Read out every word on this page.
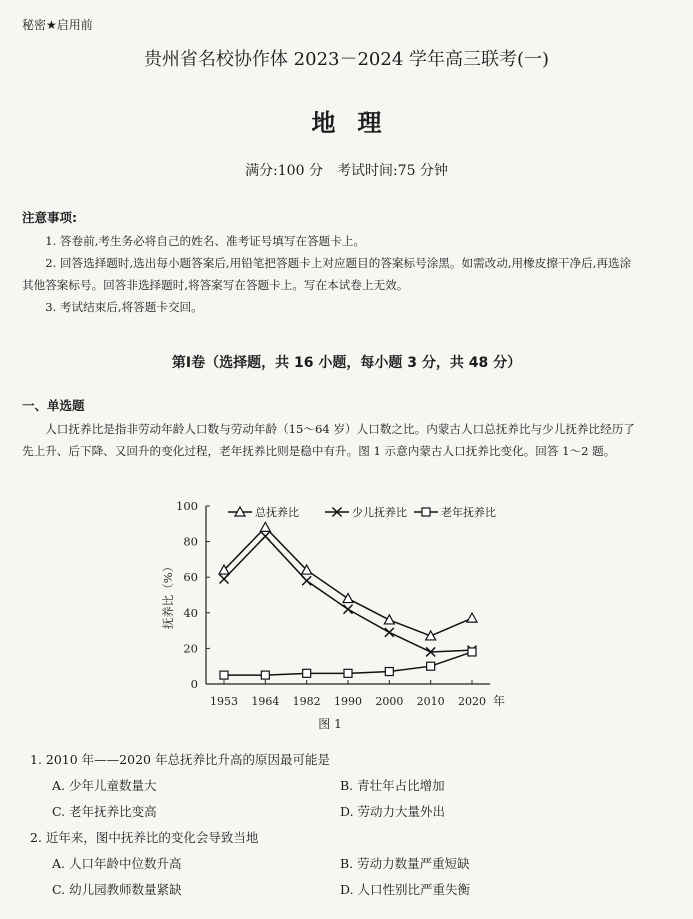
秘密★启用前
贵州省名校协作体 2023－2024 学年高三联考(一)
地理
满分:100 分　考试时间:75 分钟
注意事项:

1. 答卷前,考生务必将自己的姓名、准考证号填写在答题卡上。

2. 回答选择题时,选出每小题答案后,用铅笔把答题卡上对应题目的答案标号涂黑。如需改动,用橡皮擦干净后,再选涂其他答案标号。回答非选择题时,将答案写在答题卡上。写在本试卷上无效。

3. 考试结束后,将答题卡交回。

第Ⅰ卷（选择题，共 16 小题，每小题 3 分，共 48 分）
一、单选题

人口抚养比是指非劳动年龄人口数与劳动年龄（15～64 岁）人口数之比。内蒙古人口总抚养比与少儿抚养比经历了先上升、后下降、又回升的变化过程，老年抚养比则是稳中有升。图 1 示意内蒙古人口抚养比变化。回答 1～2 题。

0
20
40
60
80
100
1953 1964 1982 1990 2000 2010 2020 年
抚养比（%）
图 1
总抚养比	少儿抚养比	老年抚养比
1. 2010 年——2020 年总抚养比升高的原因最可能是
A. 少年儿童数量大	B. 青壮年占比增加
C. 老年抚养比变高	D. 劳动力大量外出
2. 近年来，图中抚养比的变化会导致当地
A. 人口年龄中位数升高	B. 劳动力数量严重短缺
C. 幼儿园教师数量紧缺	D. 人口性别比严重失衡
